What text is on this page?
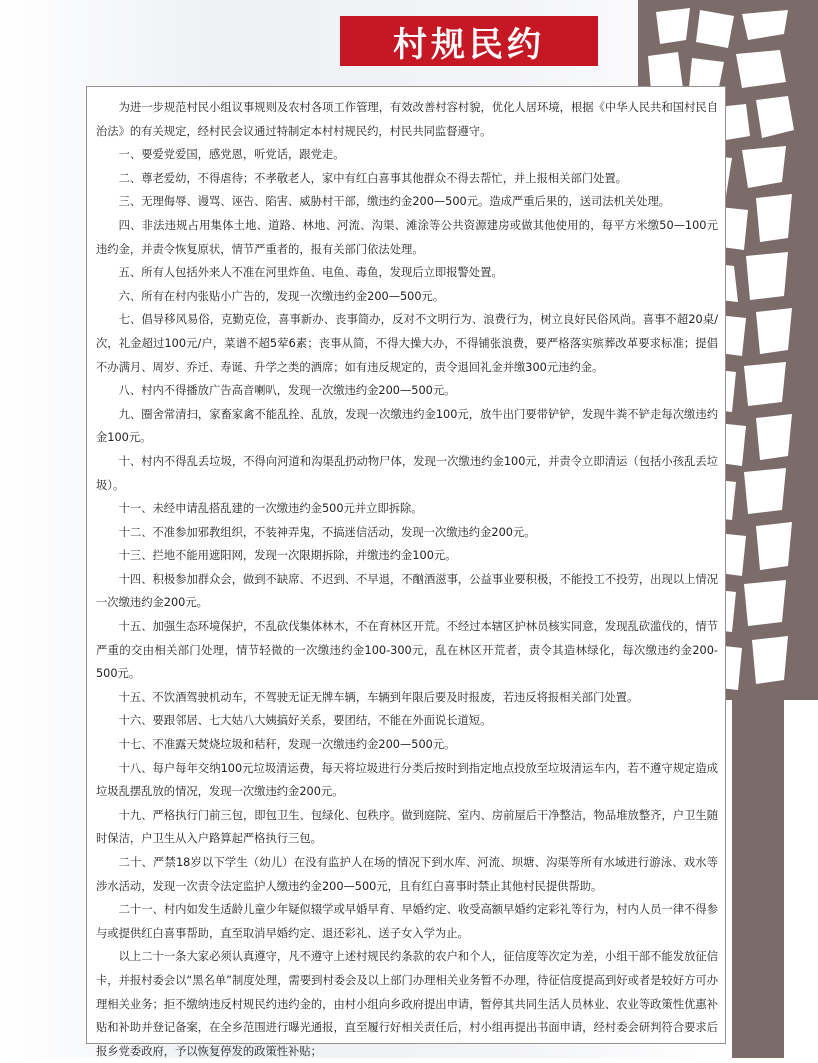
村规民约

为进一步规范村民小组议事规则及农村各项工作管理，有效改善村容村貌，优化人居环境，根据《中华人民共和国村民自治法》的有关规定，经村民会议通过特制定本村村规民约，村民共同监督遵守。

一、要爱党爱国，感党恩，听党话，跟党走。

二、尊老爱幼，不得虐待；不孝敬老人，家中有红白喜事其他群众不得去帮忙，并上报相关部门处置。

三、无理侮辱、谩骂、诬告、陷害、威胁村干部，缴违约金200—500元。造成严重后果的，送司法机关处理。

四、非法违规占用集体土地、道路、林地、河流、沟渠、滩涂等公共资源建房或做其他使用的，每平方米缴50—100元违约金，并责令恢复原状，情节严重者的，报有关部门依法处理。

五、所有人包括外来人不准在河里炸鱼、电鱼、毒鱼，发现后立即报警处置。

六、所有在村内张贴小广告的，发现一次缴违约金200—500元。

七、倡导移风易俗，克勤克俭，喜事新办、丧事简办，反对不文明行为、浪费行为，树立良好民俗风尚。喜事不超20桌/次，礼金超过100元/户，菜谱不超5荤6素；丧事从简，不得大操大办，不得铺张浪费，要严格落实殡葬改革要求标准；提倡不办满月、周岁、乔迁、寿诞、升学之类的酒席；如有违反规定的，责令退回礼金并缴300元违约金。

八、村内不得播放广告高音喇叭，发现一次缴违约金200—500元。

九、圈舍常清扫，家畜家禽不能乱拴、乱放，发现一次缴违约金100元，放牛出门要带铲铲，发现牛粪不铲走每次缴违约金100元。

十、村内不得乱丢垃圾，不得向河道和沟渠乱扔动物尸体，发现一次缴违约金100元，并责令立即清运（包括小孩乱丢垃圾）。

十一、未经申请乱搭乱建的一次缴违约金500元并立即拆除。

十二、不准参加邪教组织，不装神弄鬼，不搞迷信活动，发现一次缴违约金200元。

十三、拦地不能用遮阳网，发现一次限期拆除，并缴违约金100元。

十四、积极参加群众会，做到不缺席、不迟到、不早退，不酗酒滋事，公益事业要积极，不能投工不投劳，出现以上情况一次缴违约金200元。

十五、加强生态环境保护，不乱砍伐集体林木，不在育林区开荒。不经过本辖区护林员核实同意，发现乱砍滥伐的，情节严重的交由相关部门处理，情节轻微的一次缴违约金100-300元，乱在林区开荒者，责令其造林绿化，每次缴违约金200-500元。

十五、不饮酒驾驶机动车，不驾驶无证无牌车辆，车辆到年限后要及时报废，若违反将报相关部门处置。

十六、要跟邻居、七大姑八大姨搞好关系，要团结，不能在外面说长道短。

十七、不准露天焚烧垃圾和秸秆，发现一次缴违约金200—500元。

十八、每户每年交纳100元垃圾清运费，每天将垃圾进行分类后按时到指定地点投放至垃圾清运车内，若不遵守规定造成垃圾乱摆乱放的情况，发现一次缴违约金200元。

十九、严格执行门前三包，即包卫生、包绿化、包秩序。做到庭院、室内、房前屋后干净整洁，物品堆放整齐，户卫生随时保洁，户卫生从入户路算起严格执行三包。

二十、严禁18岁以下学生（幼儿）在没有监护人在场的情况下到水库、河流、坝塘、沟渠等所有水域进行游泳、戏水等涉水活动，发现一次责令法定监护人缴违约金200—500元，且有红白喜事时禁止其他村民提供帮助。

二十一、村内如发生适龄儿童少年疑似辍学或早婚早育、早婚约定、收受高额早婚约定彩礼等行为，村内人员一律不得参与或提供红白喜事帮助，直至取消早婚约定、退还彩礼、送子女入学为止。

以上二十一条大家必须认真遵守，凡不遵守上述村规民约条款的农户和个人，征信度等次定为差，小组干部不能发放征信卡，并报村委会以“黑名单”制度处理，需要到村委会及以上部门办理相关业务暂不办理，待征信度提高到好或者是较好方可办理相关业务；拒不缴纳违反村规民约违约金的，由村小组向乡政府提出申请，暂停其共同生活人员林业、农业等政策性优惠补贴和补助并登记备案，在全乡范围进行曝光通报，直至履行好相关责任后，村小组再提出书面申请，经村委会研判符合要求后报乡党委政府，予以恢复停发的政策性补贴；
